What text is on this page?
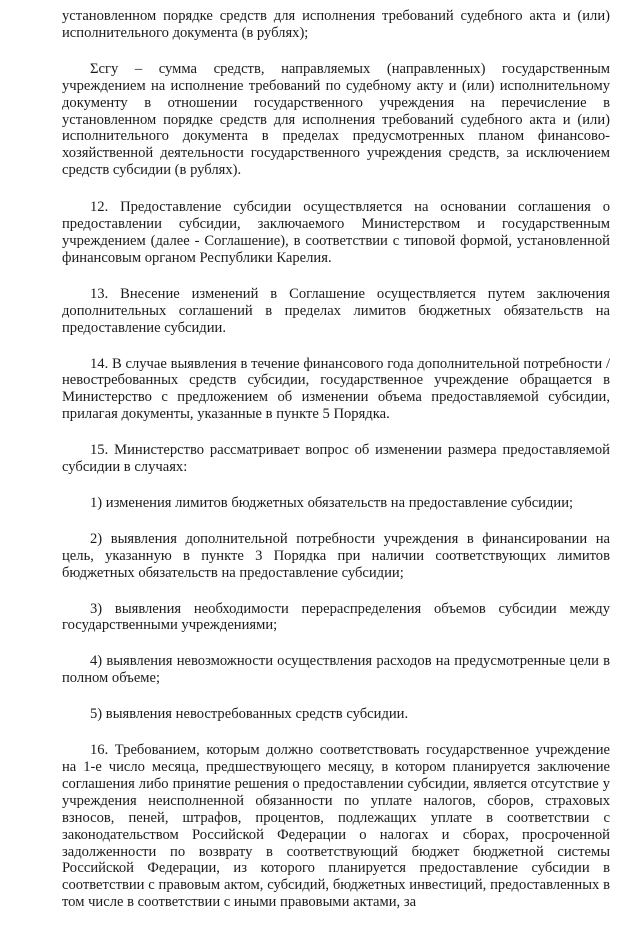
установленном порядке средств для исполнения требований судебного акта и (или) исполнительного документа (в рублях);

Σсгу – сумма средств, направляемых (направленных) государственным учреждением на исполнение требований по судебному акту и (или) исполнительному документу в отношении государственного учреждения на перечисление в установленном порядке средств для исполнения требований судебного акта и (или) исполнительного документа в пределах предусмотренных планом финансово-хозяйственной деятельности государственного учреждения средств, за исключением средств субсидии (в рублях).

12. Предоставление субсидии осуществляется на основании соглашения о предоставлении субсидии, заключаемого Министерством и государственным учреждением (далее - Соглашение), в соответствии с типовой формой, установленной финансовым органом Республики Карелия.

13. Внесение изменений в Соглашение осуществляется путем заключения дополнительных соглашений в пределах лимитов бюджетных обязательств на предоставление субсидии.

14. В случае выявления в течение финансового года дополнительной потребности / невостребованных средств субсидии, государственное учреждение обращается в Министерство с предложением об изменении объема предоставляемой субсидии, прилагая документы, указанные в пункте 5 Порядка.

15. Министерство рассматривает вопрос об изменении размера предоставляемой субсидии в случаях:

1) изменения лимитов бюджетных обязательств на предоставление субсидии;

2) выявления дополнительной потребности учреждения в финансировании на цель, указанную в пункте 3 Порядка при наличии соответствующих лимитов бюджетных обязательств на предоставление субсидии;

3) выявления необходимости перераспределения объемов субсидии между государственными учреждениями;

4) выявления невозможности осуществления расходов на предусмотренные цели в полном объеме;

5) выявления невостребованных средств субсидии.

16. Требованием, которым должно соответствовать государственное учреждение на 1-е число месяца, предшествующего месяцу, в котором планируется заключение соглашения либо принятие решения о предоставлении субсидии, является отсутствие у учреждения неисполненной обязанности по уплате налогов, сборов, страховых взносов, пеней, штрафов, процентов, подлежащих уплате в соответствии с законодательством Российской Федерации о налогах и сборах, просроченной задолженности по возврату в соответствующий бюджет бюджетной системы Российской Федерации, из которого планируется предоставление субсидии в соответствии с правовым актом, субсидий, бюджетных инвестиций, предоставленных в том числе в соответствии с иными правовыми актами, за
